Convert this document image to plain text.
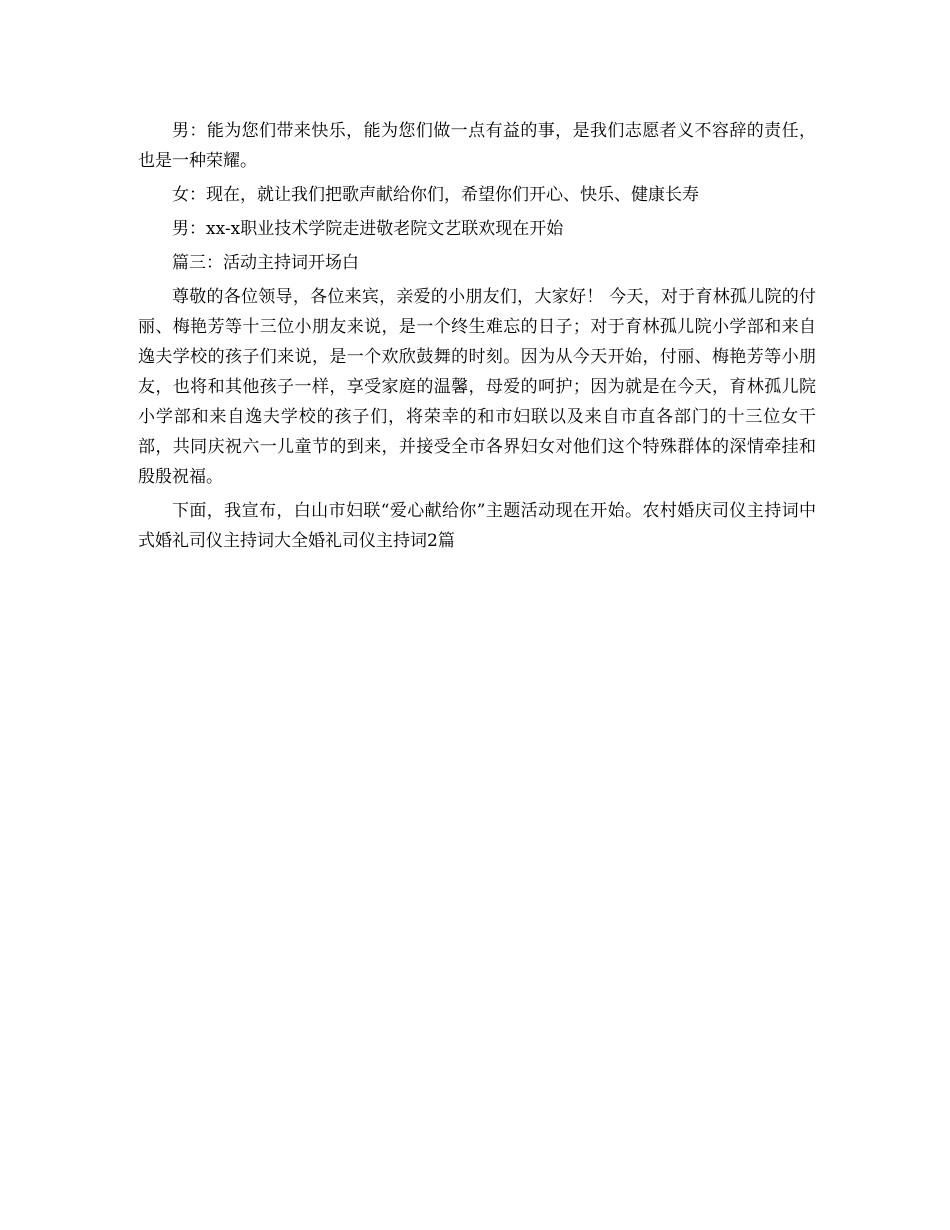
男：能为您们带来快乐，能为您们做一点有益的事，是我们志愿者义不容辞的责任，也是一种荣耀。

女：现在，就让我们把歌声献给你们，希望你们开心、快乐、健康长寿

男：xx-x职业技术学院走进敬老院文艺联欢现在开始

篇三：活动主持词开场白

尊敬的各位领导，各位来宾，亲爱的小朋友们，大家好！ 今天，对于育林孤儿院的付丽、梅艳芳等十三位小朋友来说，是一个终生难忘的日子；对于育林孤儿院小学部和来自逸夫学校的孩子们来说，是一个欢欣鼓舞的时刻。因为从今天开始，付丽、梅艳芳等小朋友，也将和其他孩子一样，享受家庭的温馨，母爱的呵护；因为就是在今天，育林孤儿院小学部和来自逸夫学校的孩子们，将荣幸的和市妇联以及来自市直各部门的十三位女干部，共同庆祝六一儿童节的到来，并接受全市各界妇女对他们这个特殊群体的深情牵挂和殷殷祝福。

下面，我宣布，白山市妇联“爱心献给你”主题活动现在开始。农村婚庆司仪主持词中式婚礼司仪主持词大全婚礼司仪主持词2篇
